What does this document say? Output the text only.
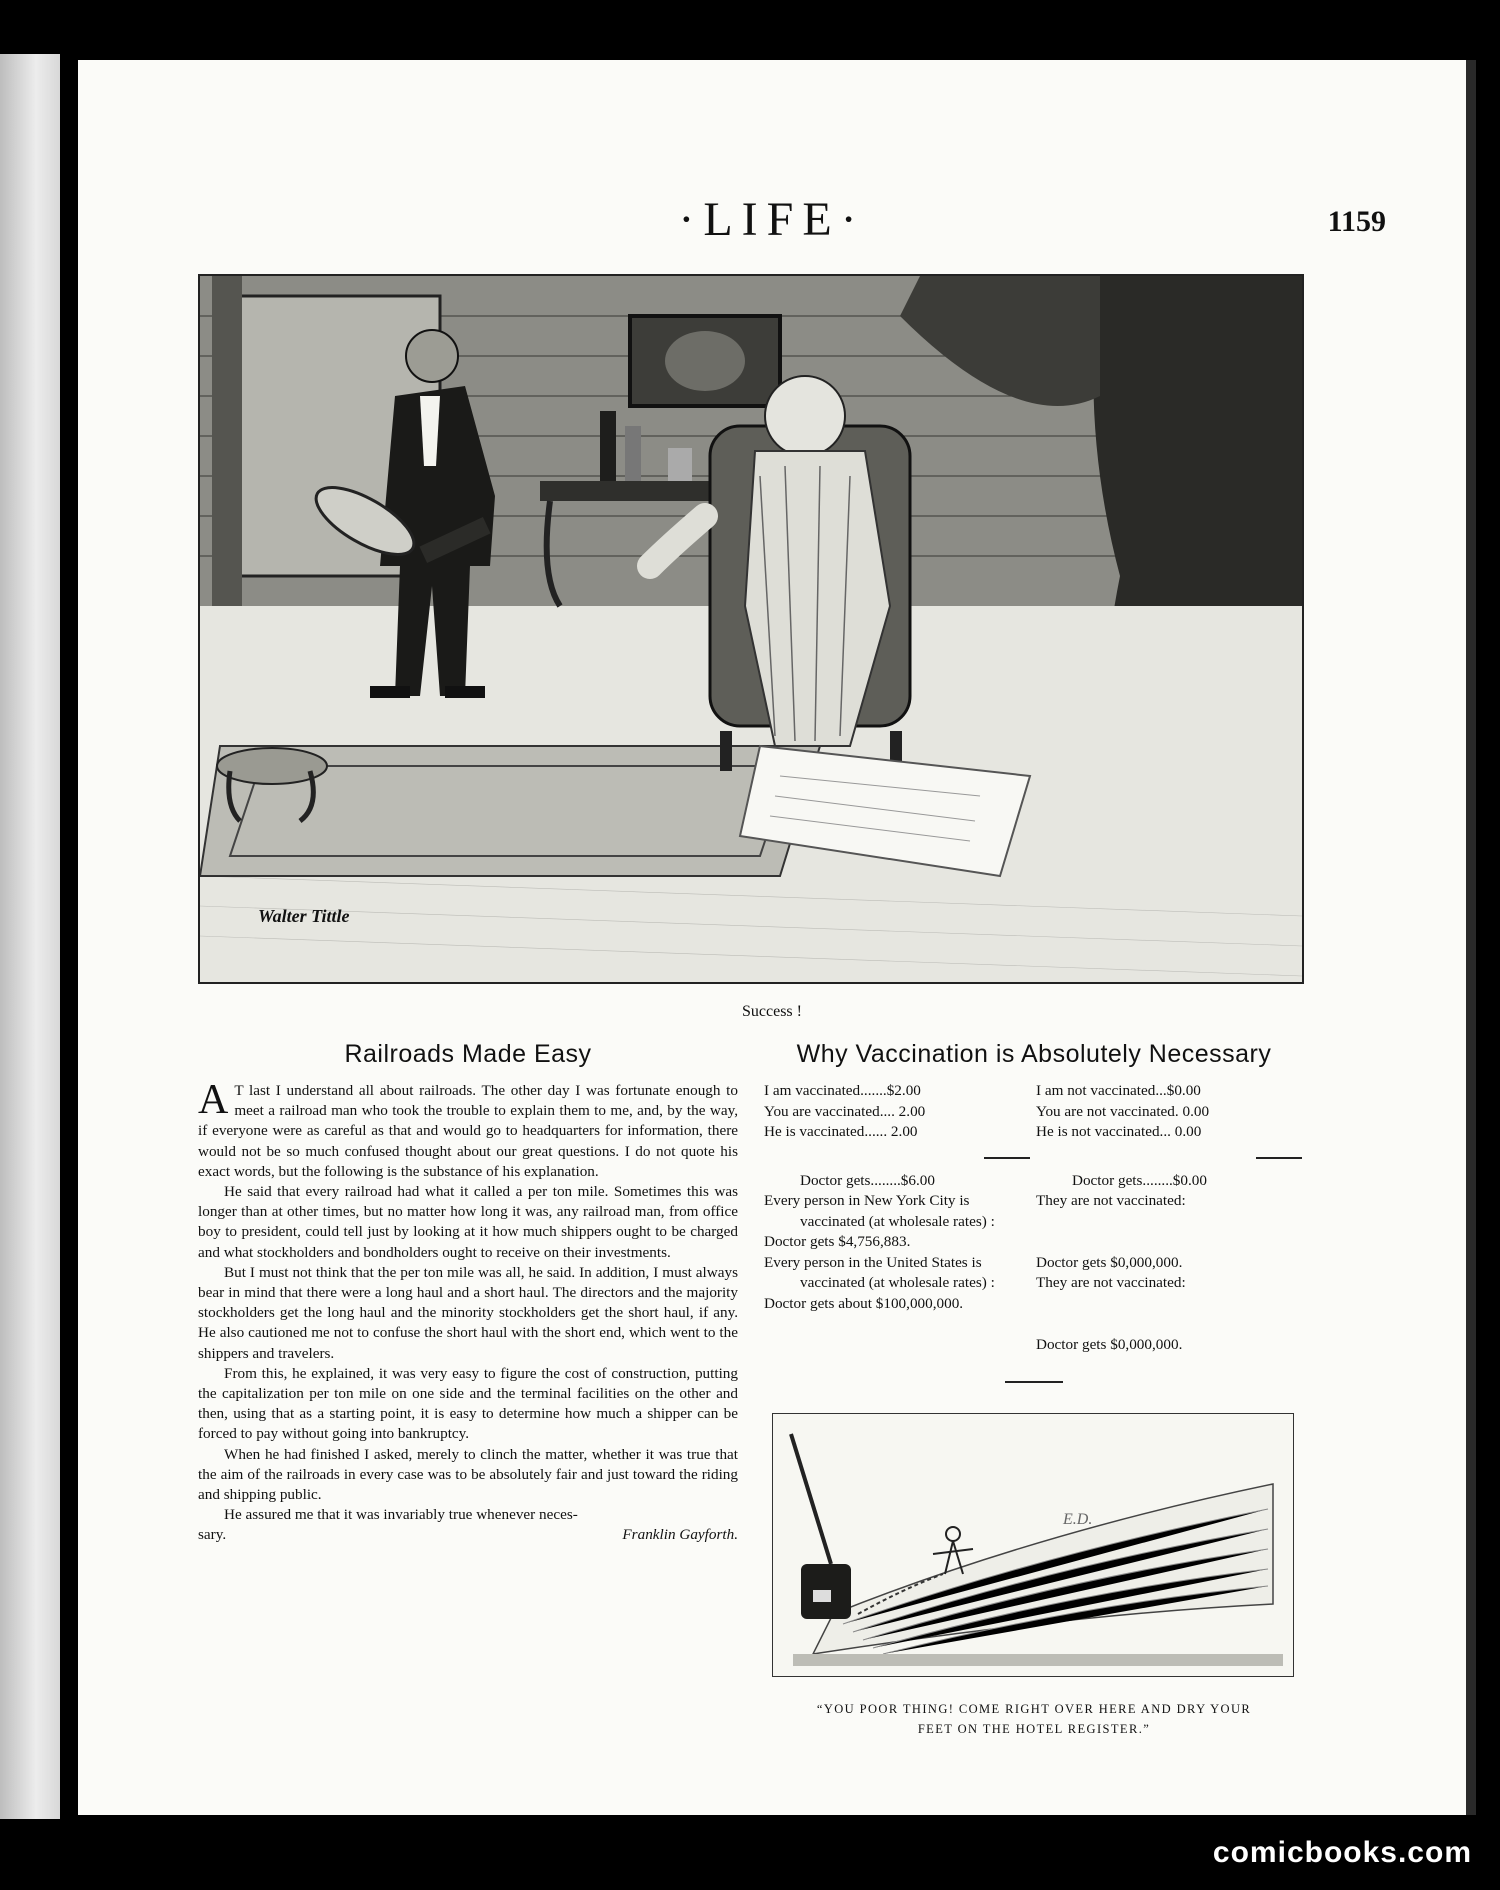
·LIFE·	1159
Walter Tittle
Success !
Railroads Made Easy

A T last I understand all about railroads. The other day I was fortunate enough to meet a railroad man who took the trouble to explain them to me, and, by the way, if everyone were as careful as that and would go to headquarters for information, there would not be so much confused thought about our great questions. I do not quote his exact words, but the following is the substance of his explanation.

He said that every railroad had what it called a per ton mile. Sometimes this was longer than at other times, but no matter how long it was, any railroad man, from office boy to president, could tell just by looking at it how much shippers ought to be charged and what stockholders and bondholders ought to receive on their investments.

But I must not think that the per ton mile was all, he said. In addition, I must always bear in mind that there were a long haul and a short haul. The directors and the majority stockholders get the long haul and the minority stockholders get the short haul, if any. He also cautioned me not to confuse the short haul with the short end, which went to the shippers and travelers.

From this, he explained, it was very easy to figure the cost of construction, putting the capitalization per ton mile on one side and the terminal facilities on the other and then, using that as a starting point, it is easy to determine how much a shipper can be forced to pay without going into bankruptcy.

When he had finished I asked, merely to clinch the matter, whether it was true that the aim of the railroads in every case was to be absolutely fair and just toward the riding and shipping public.

He assured me that it was invariably true whenever neces-

sary.	Franklin Gayforth.
Why Vaccination is Absolutely Necessary
I am vaccinated.......$2.00
You are vaccinated.... 2.00
He is vaccinated...... 2.00
Doctor gets........$6.00
Every person in New York City is vaccinated (at wholesale rates) :
Doctor gets $4,756,883.
Every person in the United States is vaccinated (at wholesale rates) :
Doctor gets about $100,000,000.
I am not vaccinated...$0.00
You are not vaccinated. 0.00
He is not vaccinated... 0.00
Doctor gets........$0.00
They are not vaccinated:
Doctor gets $0,000,000.
They are not vaccinated:
Doctor gets $0,000,000.
E.D.
“YOU POOR THING! COME RIGHT OVER HERE AND DRY YOUR
FEET ON THE HOTEL REGISTER.”
comicbooks.com
